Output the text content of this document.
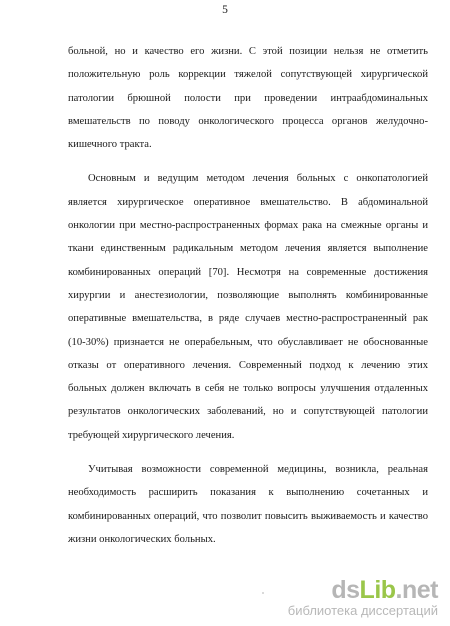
5

больной, но и качество его жизни. С этой позиции нельзя не отметить положительную роль коррекции тяжелой сопутствующей хирургической патологии брюшной полости при проведении интраабдоминальных вмешательств по поводу онкологического процесса органов желудочно-кишечного тракта.

Основным и ведущим методом лечения больных с онкопатологией является хирургическое оперативное вмешательство. В абдоминальной онкологии при местно-распространенных формах рака на смежные органы и ткани единственным радикальным методом лечения является выполнение комбинированных операций [70]. Несмотря на современные достижения хирургии и анестезиологии, позволяющие выполнять комбинированные оперативные вмешательства, в ряде случаев местно-распространенный рак (10-30%) признается не операбельным, что обуславливает не обоснованные отказы от оперативного лечения. Современный подход к лечению этих больных должен включать в себя не только вопросы улучшения отдаленных результатов онкологических заболеваний, но и сопутствующей патологии требующей хирургического лечения.

Учитывая возможности современной медицины, возникла, реальная необходимость расширить показания к выполнению сочетанных и комбинированных операций, что позволит повысить выживаемость и качество жизни онкологических больных.

dsLib.net
библиотека диссертаций
